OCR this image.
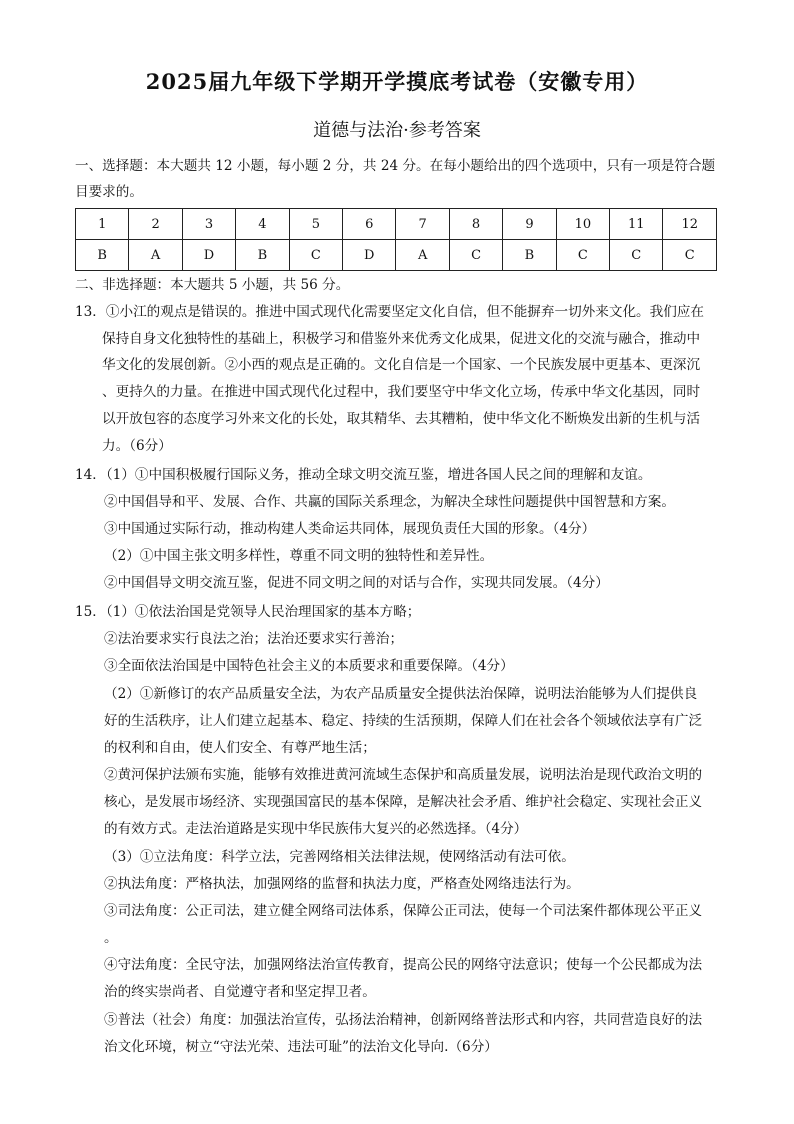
2025届九年级下学期开学摸底考试卷（安徽专用）
道德与法治·参考答案
一、选择题：本大题共 12 小题，每小题 2 分，共 24 分。在每小题给出的四个选项中，只有一项是符合题
目要求的。
1	2	3	4	5	6	7	8	9	10	11	12
B	A	D	B	C	D	A	C	B	C	C	C
二、非选择题：本大题共 5 小题，共 56 分。
13．①小江的观点是错误的。推进中国式现代化需要坚定文化自信，但不能摒弃一切外来文化。我们应在
保持自身文化独特性的基础上，积极学习和借鉴外来优秀文化成果，促进文化的交流与融合，推动中
华文化的发展创新。②小西的观点是正确的。文化自信是一个国家、一个民族发展中更基本、更深沉
、更持久的力量。在推进中国式现代化过程中，我们要坚守中华文化立场，传承中华文化基因，同时
以开放包容的态度学习外来文化的长处，取其精华、去其糟粕，使中华文化不断焕发出新的生机与活
力。（6分）
14．（1）①中国积极履行国际义务，推动全球文明交流互鉴，增进各国人民之间的理解和友谊。
②中国倡导和平、发展、合作、共赢的国际关系理念，为解决全球性问题提供中国智慧和方案。
③中国通过实际行动，推动构建人类命运共同体，展现负责任大国的形象。（4分）
（2）①中国主张文明多样性，尊重不同文明的独特性和差异性。
②中国倡导文明交流互鉴，促进不同文明之间的对话与合作，实现共同发展。（4分）
15．（1）①依法治国是党领导人民治理国家的基本方略；
②法治要求实行良法之治；法治还要求实行善治；
③全面依法治国是中国特色社会主义的本质要求和重要保障。（4分）
（2）①新修订的农产品质量安全法，为农产品质量安全提供法治保障，说明法治能够为人们提供良
好的生活秩序，让人们建立起基本、稳定、持续的生活预期，保障人们在社会各个领域依法享有广泛
的权利和自由，使人们安全、有尊严地生活；
②黄河保护法颁布实施，能够有效推进黄河流域生态保护和高质量发展，说明法治是现代政治文明的
核心，是发展市场经济、实现强国富民的基本保障，是解决社会矛盾、维护社会稳定、实现社会正义
的有效方式。走法治道路是实现中华民族伟大复兴的必然选择。（4分）
（3）①立法角度：科学立法，完善网络相关法律法规，使网络活动有法可依。
②执法角度：严格执法，加强网络的监督和执法力度，严格查处网络违法行为。
③司法角度：公正司法，建立健全网络司法体系，保障公正司法，使每一个司法案件都体现公平正义
。
④守法角度：全民守法，加强网络法治宣传教育，提高公民的网络守法意识；使每一个公民都成为法
治的终实崇尚者、自觉遵守者和坚定捍卫者。
⑤普法（社会）角度：加强法治宣传，弘扬法治精神，创新网络普法形式和内容，共同营造良好的法
治文化环境，树立“守法光荣、违法可耻”的法治文化导向.（6分）
